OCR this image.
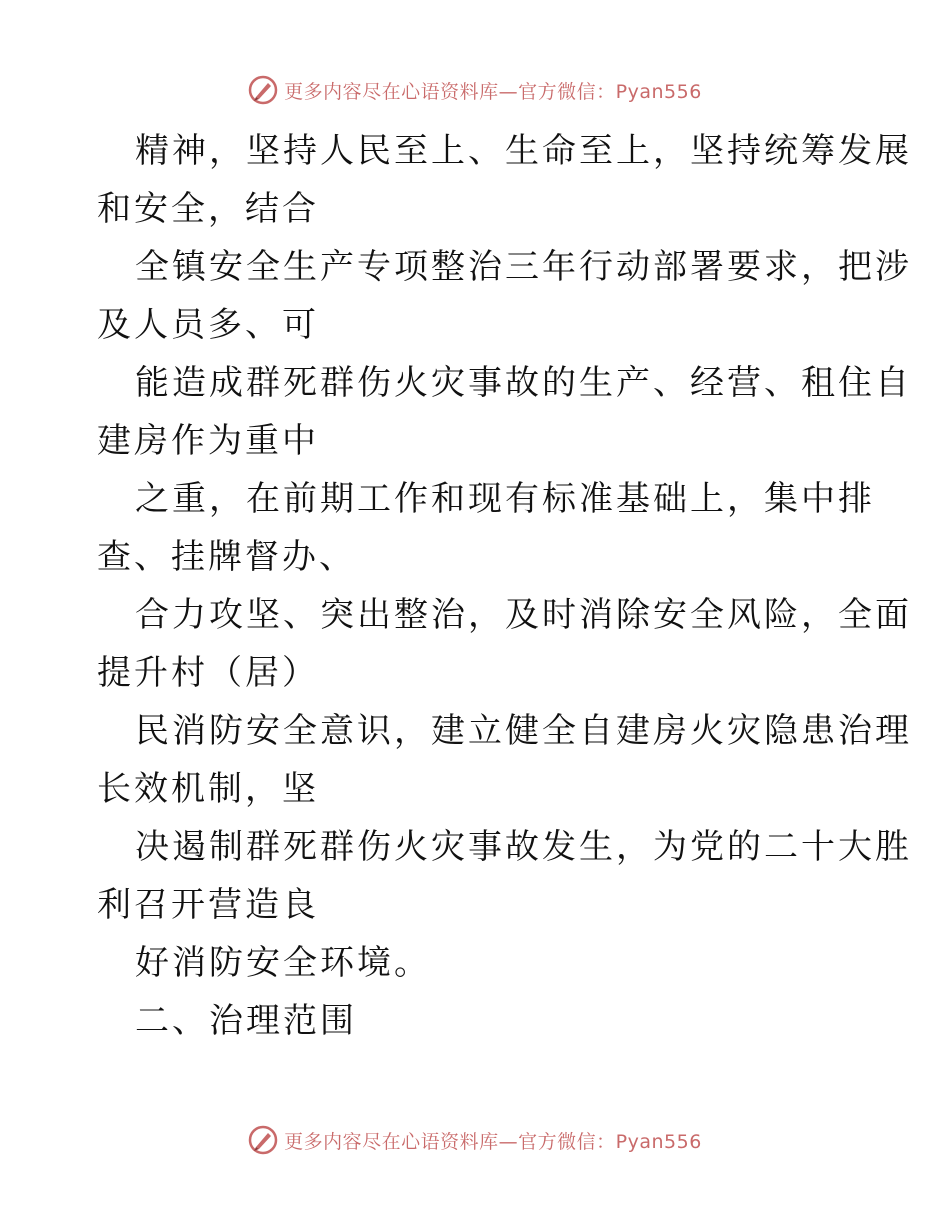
更多内容尽在心语资料库—官方微信：Pyan556

精神，坚持人民至上、生命至上，坚持统筹发展

和安全，结合

全镇安全生产专项整治三年行动部署要求，把涉

及人员多、可

能造成群死群伤火灾事故的生产、经营、租住自

建房作为重中

之重，在前期工作和现有标准基础上，集中排

查、挂牌督办、

合力攻坚、突出整治，及时消除安全风险，全面

提升村（居）

民消防安全意识，建立健全自建房火灾隐患治理

长效机制，坚

决遏制群死群伤火灾事故发生，为党的二十大胜

利召开营造良

好消防安全环境。

二、治理范围

更多内容尽在心语资料库—官方微信：Pyan556
